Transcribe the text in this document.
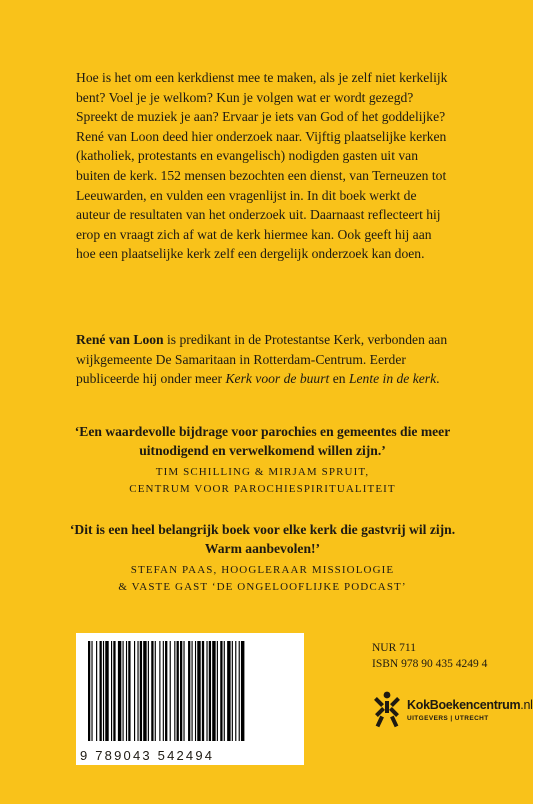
Hoe is het om een kerkdienst mee te maken, als je zelf niet kerkelijk bent? Voel je je welkom? Kun je volgen wat er wordt gezegd? Spreekt de muziek je aan? Ervaar je iets van God of het goddelijke? René van Loon deed hier onderzoek naar. Vijftig plaatselijke kerken (katholiek, protestants en evangelisch) nodigden gasten uit van buiten de kerk. 152 mensen bezochten een dienst, van Terneuzen tot Leeuwarden, en vulden een vragenlijst in. In dit boek werkt de auteur de resultaten van het onderzoek uit. Daarnaast reflecteert hij erop en vraagt zich af wat de kerk hiermee kan. Ook geeft hij aan hoe een plaatselijke kerk zelf een dergelijk onderzoek kan doen.

René van Loon is predikant in de Protestantse Kerk, verbonden aan wijkgemeente De Samaritaan in Rotterdam-Centrum. Eerder publiceerde hij onder meer Kerk voor de buurt en Lente in de kerk.

‘Een waardevolle bijdrage voor parochies en gemeentes die meer uitnodigend en verwelkomend willen zijn.’

TIM SCHILLING & MIRJAM SPRUIT,
CENTRUM VOOR PAROCHIESPIRITUALITEIT

‘Dit is een heel belangrijk boek voor elke kerk die gastvrij wil zijn. Warm aanbevolen!’

STEFAN PAAS, HOOGLERAAR MISSIOLOGIE
& VASTE GAST ‘DE ONGELOOFLIJKE PODCAST’

9 789043 542494
NUR 711
ISBN 978 90 435 4249 4
KokBoekencentrum.nl
UITGEVERS | UTRECHT
